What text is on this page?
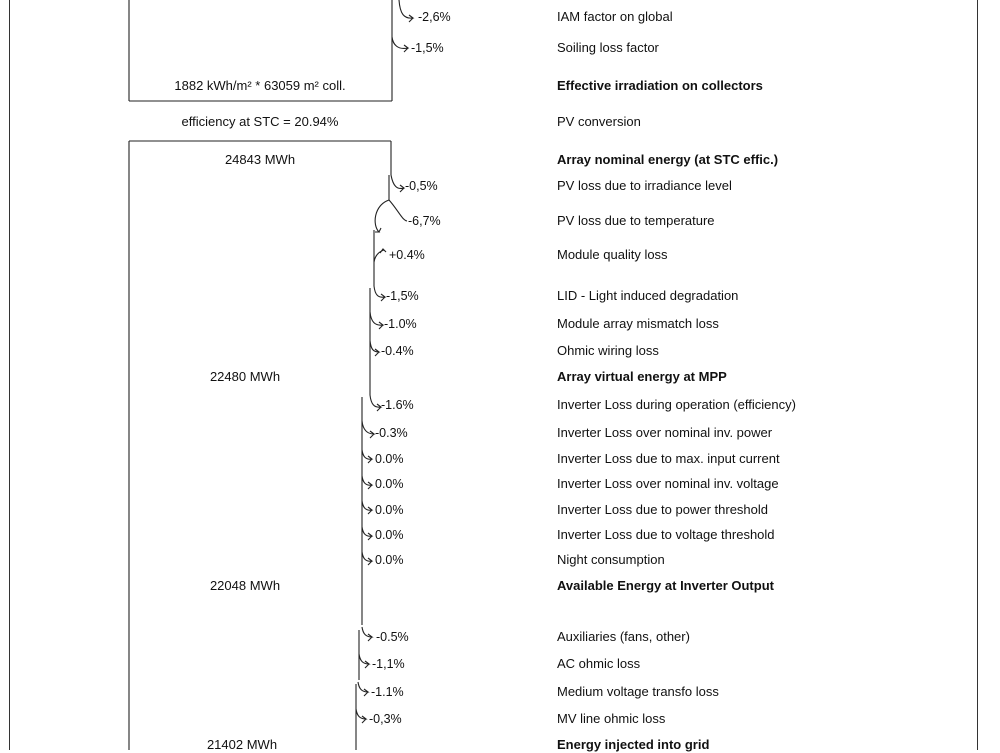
-2,6%	IAM factor on global
-1,5%	Soiling loss factor
1882 kWh/m² * 63059 m² coll.	Effective irradiation on collectors
efficiency at STC = 20.94%	PV conversion
24843 MWh	Array nominal energy (at STC effic.)
-0,5%	PV loss due to irradiance level
-6,7%	PV loss due to temperature
+0.4%	Module quality loss
-1,5%	LID - Light induced degradation
-1.0%	Module array mismatch loss
-0.4%	Ohmic wiring loss
22480 MWh	Array virtual energy at MPP
-1.6%	Inverter Loss during operation (efficiency)
-0.3%	Inverter Loss over nominal inv. power
0.0%	Inverter Loss due to max. input current
0.0%	Inverter Loss over nominal inv. voltage
0.0%	Inverter Loss due to power threshold
0.0%	Inverter Loss due to voltage threshold
0.0%	Night consumption
22048 MWh	Available Energy at Inverter Output
-0.5%	Auxiliaries (fans, other)
-1,1%	AC ohmic loss
-1.1%	Medium voltage transfo loss
-0,3%	MV line ohmic loss
21402 MWh	Energy injected into grid
